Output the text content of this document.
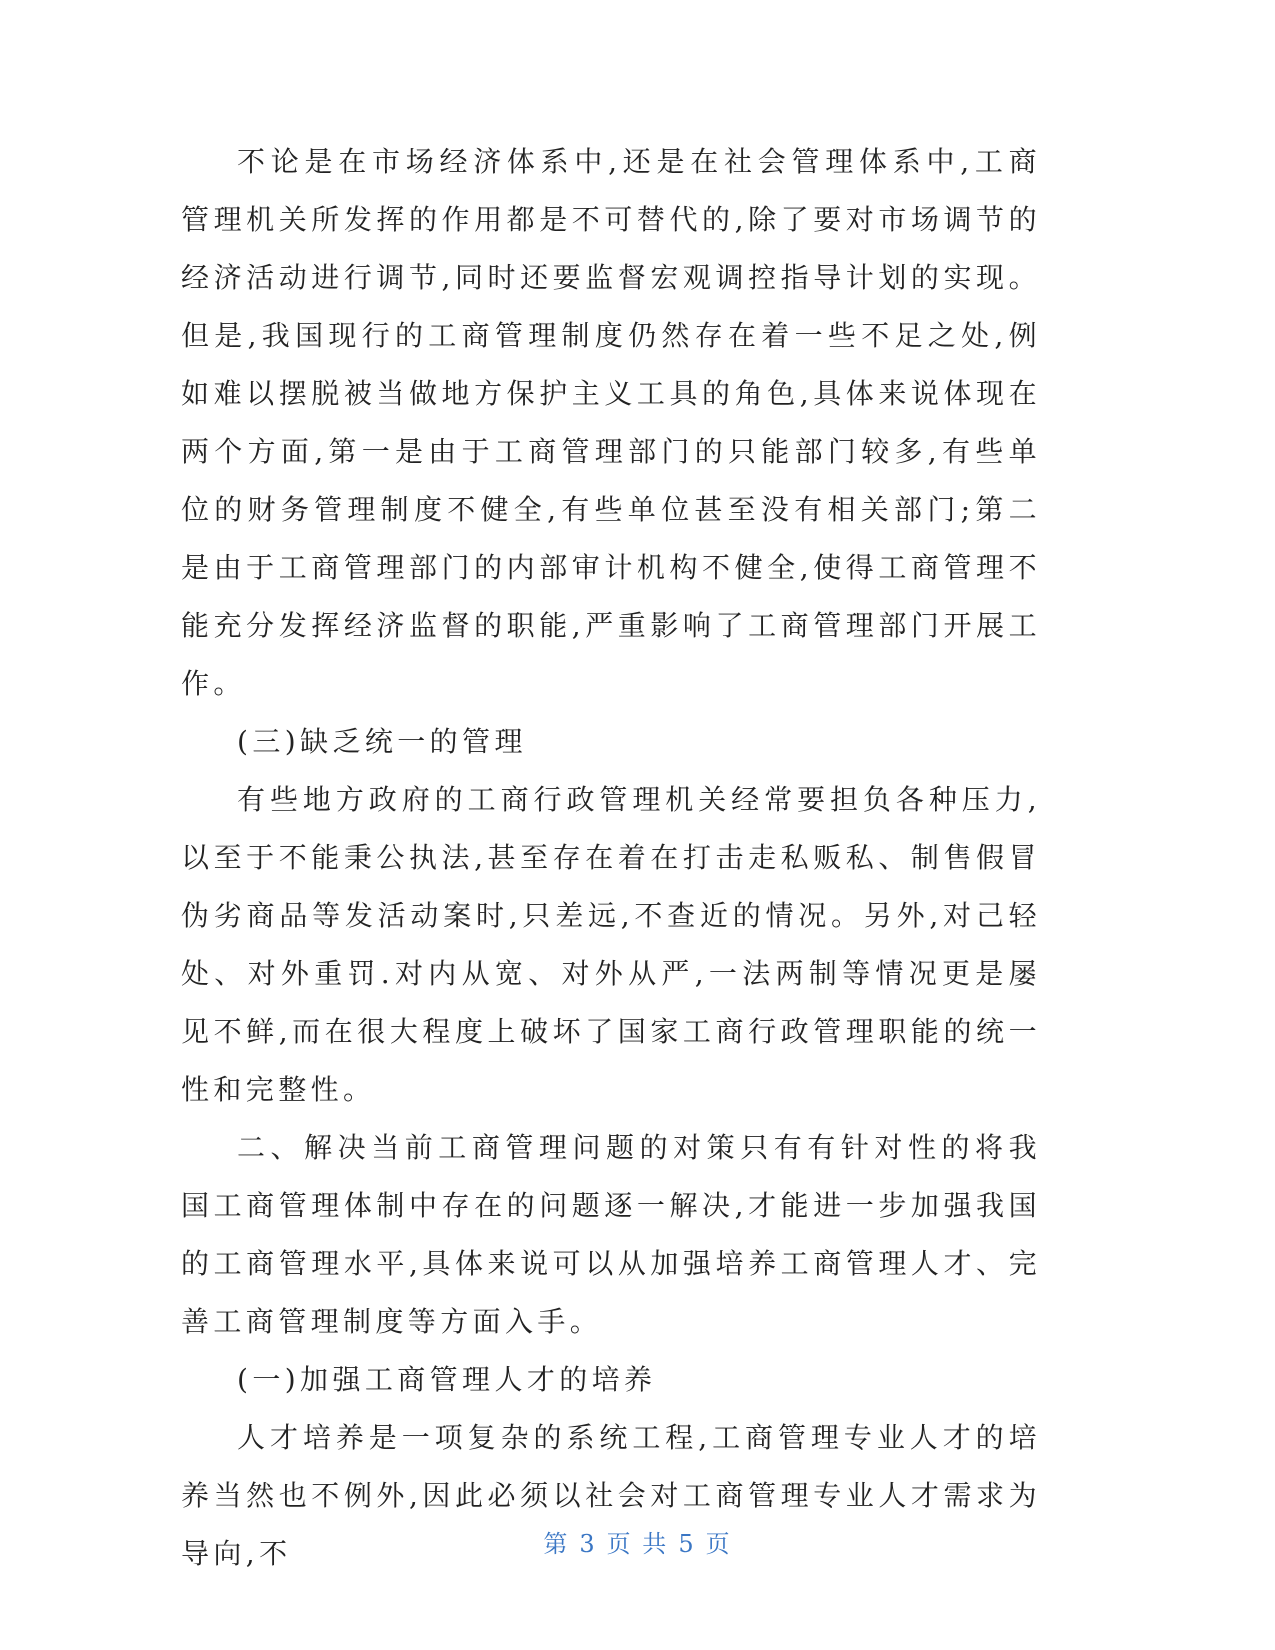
不论是在市场经济体系中,还是在社会管理体系中,工商管理机关所发挥的作用都是不可替代的,除了要对市场调节的经济活动进行调节,同时还要监督宏观调控指导计划的实现。但是,我国现行的工商管理制度仍然存在着一些不足之处,例如难以摆脱被当做地方保护主义工具的角色,具体来说体现在两个方面,第一是由于工商管理部门的只能部门较多,有些单位的财务管理制度不健全,有些单位甚至没有相关部门;第二是由于工商管理部门的内部审计机构不健全,使得工商管理不能充分发挥经济监督的职能,严重影响了工商管理部门开展工作。

(三)缺乏统一的管理

有些地方政府的工商行政管理机关经常要担负各种压力,以至于不能秉公执法,甚至存在着在打击走私贩私、制售假冒伪劣商品等发活动案时,只差远,不查近的情况。另外,对己轻处、对外重罚.对内从宽、对外从严,一法两制等情况更是屡见不鲜,而在很大程度上破坏了国家工商行政管理职能的统一性和完整性。

二、解决当前工商管理问题的对策只有有针对性的将我国工商管理体制中存在的问题逐一解决,才能进一步加强我国的工商管理水平,具体来说可以从加强培养工商管理人才、完善工商管理制度等方面入手。

(一)加强工商管理人才的培养

人才培养是一项复杂的系统工程,工商管理专业人才的培养当然也不例外,因此必须以社会对工商管理专业人才需求为导向,不	第 3 页 共 5 页
